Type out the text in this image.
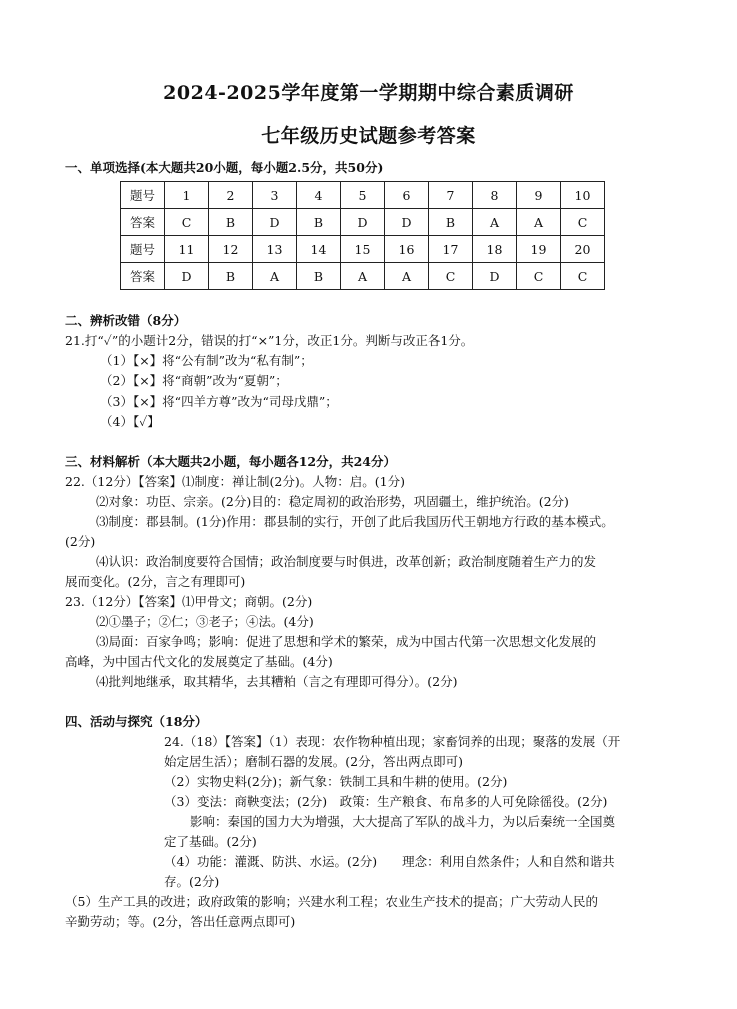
2024-2025学年度第一学期期中综合素质调研
七年级历史试题参考答案
一、单项选择(本大题共20小题，每小题2.5分，共50分)
题号	1	2	3	4	5	6	7	8	9	10
答案	C	B	D	B	D	D	B	A	A	C
题号	11	12	13	14	15	16	17	18	19	20
答案	D	B	A	B	A	A	C	D	C	C
二、辨析改错（8分）
21.打“✓”的小题计2分，错误的打“×”1分，改正1分。判断与改正各1分。
（1）【×】将“公有制”改为“私有制”；
（2）【×】将“商朝”改为“夏朝”；
（3）【×】将“四羊方尊”改为“司母戊鼎”；
（4）【✓】
三、材料解析（本大题共2小题，每小题各12分，共24分）
22.（12分）【答案】⑴制度：禅让制(2分)。人物：启。(1分)
⑵对象：功臣、宗亲。(2分)目的：稳定周初的政治形势，巩固疆土，维护统治。(2分)
⑶制度：郡县制。(1分)作用：郡县制的实行，开创了此后我国历代王朝地方行政的基本模式。
(2分)
⑷认识：政治制度要符合国情；政治制度要与时俱进，改革创新；政治制度随着生产力的发
展而变化。(2分，言之有理即可)
23.（12分）【答案】⑴甲骨文；商朝。(2分)
⑵①墨子；②仁；③老子；④法。(4分)
⑶局面：百家争鸣；影响：促进了思想和学术的繁荣，成为中国古代第一次思想文化发展的
高峰，为中国古代文化的发展奠定了基础。(4分)
⑷批判地继承，取其精华，去其糟粕（言之有理即可得分）。(2分)
四、活动与探究（18分）
24.（18）【答案】（1）表现：农作物种植出现；家畜饲养的出现；聚落的发展（开
始定居生活）；磨制石器的发展。(2分，答出两点即可)
（2）实物史料(2分)；新气象：铁制工具和牛耕的使用。(2分)
（3）变法：商鞅变法；(2分)　政策：生产粮食、布帛多的人可免除徭役。(2分)
影响：秦国的国力大为增强，大大提高了军队的战斗力，为以后秦统一全国奠
定了基础。(2分)
（4）功能：灌溉、防洪、水运。(2分)　　理念：利用自然条件；人和自然和谐共
存。(2分)
（5）生产工具的改进；政府政策的影响；兴建水利工程；农业生产技术的提高；广大劳动人民的
辛勤劳动；等。(2分，答出任意两点即可)
